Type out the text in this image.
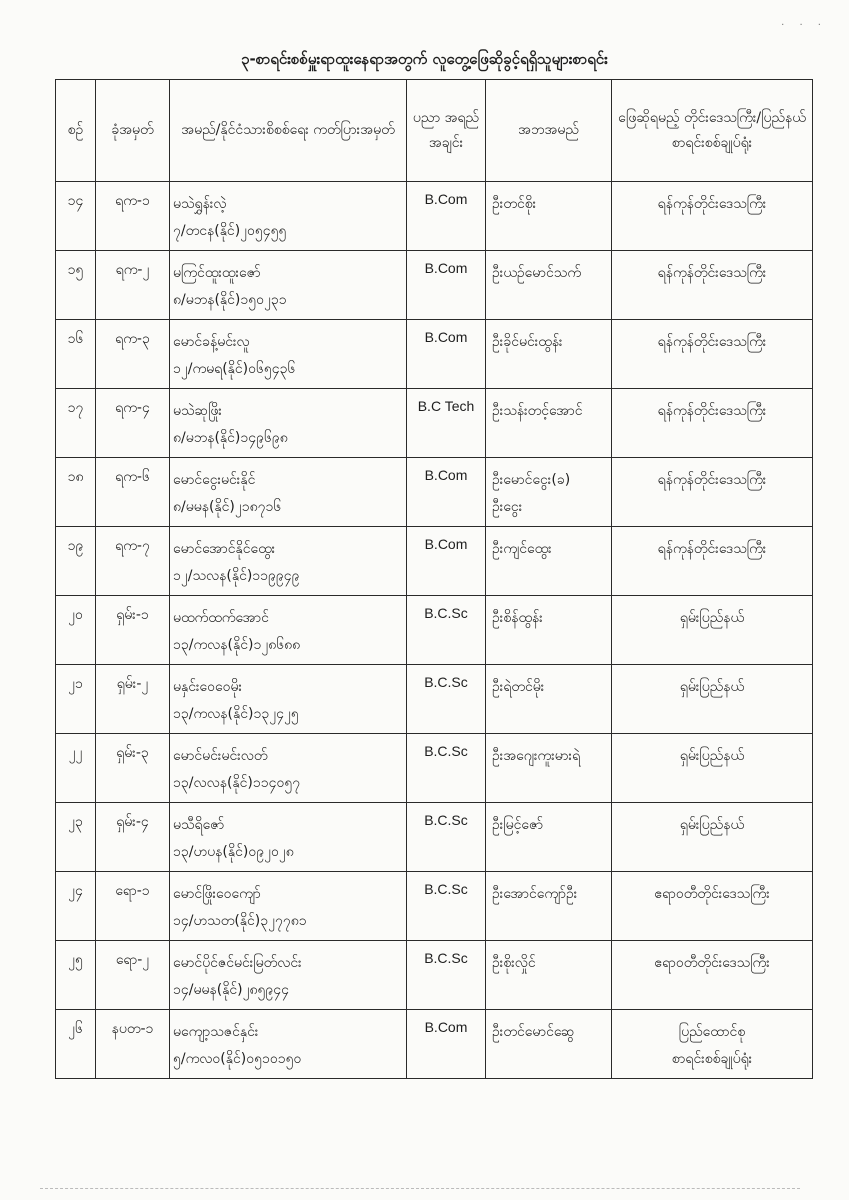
· · ·
၃-စာရင်းစစ်မှူးရာထူးနေရာအတွက် လူတွေ့ဖြေဆိုခွင့်ရရှိသူများစာရင်း
စဉ်	ခုံအမှတ်	အမည်/နိုင်ငံသားစိစစ်ရေး ကတ်ပြားအမှတ်	ပညာ အရည် အချင်း	အဘအမည်	ဖြေဆိုရမည့် တိုင်းဒေသကြီး/ပြည်နယ် စာရင်းစစ်ချုပ်ရုံး
၁၄	ရက-၁	မသဲရွှန်းလဲ့
၇/တငန(နိုင်)၂၀၅၄၅၅	B.Com	ဦးတင်စိုး	ရန်ကုန်တိုင်းဒေသကြီး

၁၅	ရက-၂	မကြင်ထူးထူးဇော်
၈/မဘန(နိုင်)၁၅၀၂၃၁	B.Com	ဦးယဉ်မောင်သက်	ရန်ကုန်တိုင်းဒေသကြီး

၁၆	ရက-၃	မောင်ခန့်မင်းလူ
၁၂/ကမရ(နိုင်)၀၆၅၄၃၆	B.Com	ဦးခိုင်မင်းထွန်း	ရန်ကုန်တိုင်းဒေသကြီး

၁၇	ရက-၄	မသဲဆုဖြိုး
၈/မဘန(နိုင်)၁၄၉၆၉၈	B.C Tech	ဦးသန်းတင့်အောင်	ရန်ကုန်တိုင်းဒေသကြီး

၁၈	ရက-၆	မောင်ငွေးမင်းနိုင်
၈/မမန(နိုင်)၂၁၈၇၁၆	B.Com	ဦးမောင်ငွေး(ခ)
ဦးငွေး	ရန်ကုန်တိုင်းဒေသကြီး

၁၉	ရက-၇	မောင်အောင်နိုင်ထွေး
၁၂/သလန(နိုင်)၁၁၉၉၄၉	B.Com	ဦးကျင်ထွေး	ရန်ကုန်တိုင်းဒေသကြီး

၂၀	ရှမ်း-၁	မထက်ထက်အောင်
၁၃/ကလန(နိုင်)၁၂၈၆၈၈	B.C.Sc	ဦးစိန်ထွန်း	ရှမ်းပြည်နယ်

၂၁	ရှမ်း-၂	မနှင်းဝေဝေမိုး
၁၃/ကလန(နိုင်)၁၃၂၄၂၅	B.C.Sc	ဦးရဲတင်မိုး	ရှမ်းပြည်နယ်

၂၂	ရှမ်း-၃	မောင်မင်းမင်းလတ်
၁၃/လလန(နိုင်)၁၁၄၀၅၇	B.C.Sc	ဦးအဂျေးကူးမားရဲ	ရှမ်းပြည်နယ်

၂၃	ရှမ်း-၄	မသီရိဇော်
၁၃/ဟပန(နိုင်)၀၉၂၀၂၈	B.C.Sc	ဦးမြင့်ဇော်	ရှမ်းပြည်နယ်

၂၄	ရော-၁	မောင်ဖြိုးဝေကျော်
၁၄/ဟသတ(နိုင်)၃၂၇၇၈၁	B.C.Sc	ဦးအောင်ကျော်ဦး	ဧရာဝတီတိုင်းဒေသကြီး

၂၅	ရော-၂	မောင်ပိုင်ဇင်မင်းမြတ်လင်း
၁၄/မမန(နိုင်)၂၈၅၉၄၄	B.C.Sc	ဦးစိုးလှိုင်	ဧရာဝတီတိုင်းဒေသကြီး

၂၆	နပတ-၁	မကျော့သဇင်နှင်း
၅/ကလဝ(နိုင်)၀၅၁၀၁၅၀	B.Com	ဦးတင်မောင်ဆွေ	ပြည်ထောင်စု
စာရင်းစစ်ချုပ်ရုံး
